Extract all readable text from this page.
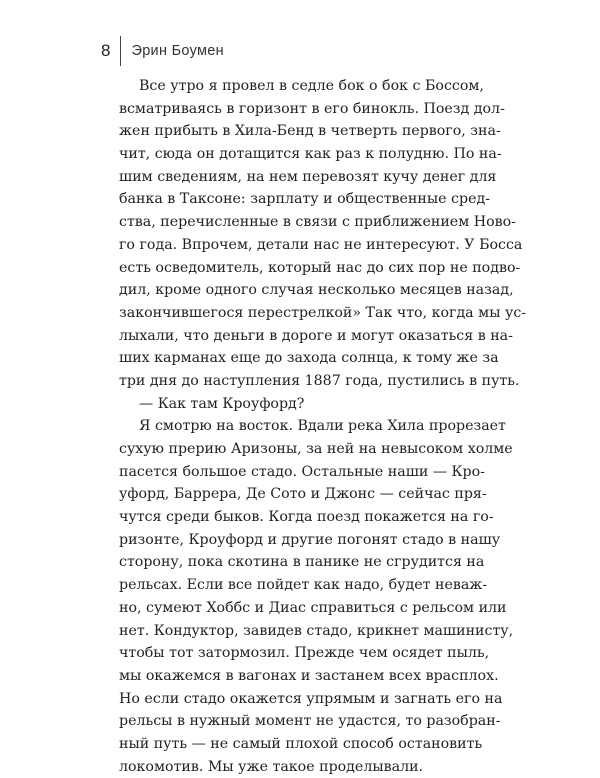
8	Эрин Боумен
Все утро я провел в седле бок о бок с Боссом,
всматриваясь в горизонт в его бинокль. Поезд дол-
жен прибыть в Хила-Бенд в четверть первого, зна-
чит, сюда он дотащится как раз к полудню. По на-
шим сведениям, на нем перевозят кучу денег для
банка в Таксоне: зарплату и общественные сред-
ства, перечисленные в связи с приближением Ново-
го года. Впрочем, детали нас не интересуют. У Босса
есть осведомитель, который нас до сих пор не подво-
дил, кроме одного случая несколько месяцев назад,
закончившегося перестрелкой» Так что, когда мы ус-
лыхали, что деньги в дороге и могут оказаться в на-
ших карманах еще до захода солнца, к тому же за
три дня до наступления 1887 года, пустились в путь.
— Как там Кроуфорд?
Я смотрю на восток. Вдали река Хила прорезает
сухую прерию Аризоны, за ней на невысоком холме
пасется большое стадо. Остальные наши — Кро-
уфорд, Баррера, Де Сото и Джонс — сейчас пря-
чутся среди быков. Когда поезд покажется на го-
ризонте, Кроуфорд и другие погонят стадо в нашу
сторону, пока скотина в панике не сгрудится на
рельсах. Если все пойдет как надо, будет неваж-
но, сумеют Хоббс и Диас справиться с рельсом или
нет. Кондуктор, завидев стадо, крикнет машинисту,
чтобы тот затормозил. Прежде чем осядет пыль,
мы окажемся в вагонах и застанем всех врасплох.
Но если стадо окажется упрямым и загнать его на
рельсы в нужный момент не удастся, то разобран-
ный путь — не самый плохой способ остановить
локомотив. Мы уже такое проделывали.
